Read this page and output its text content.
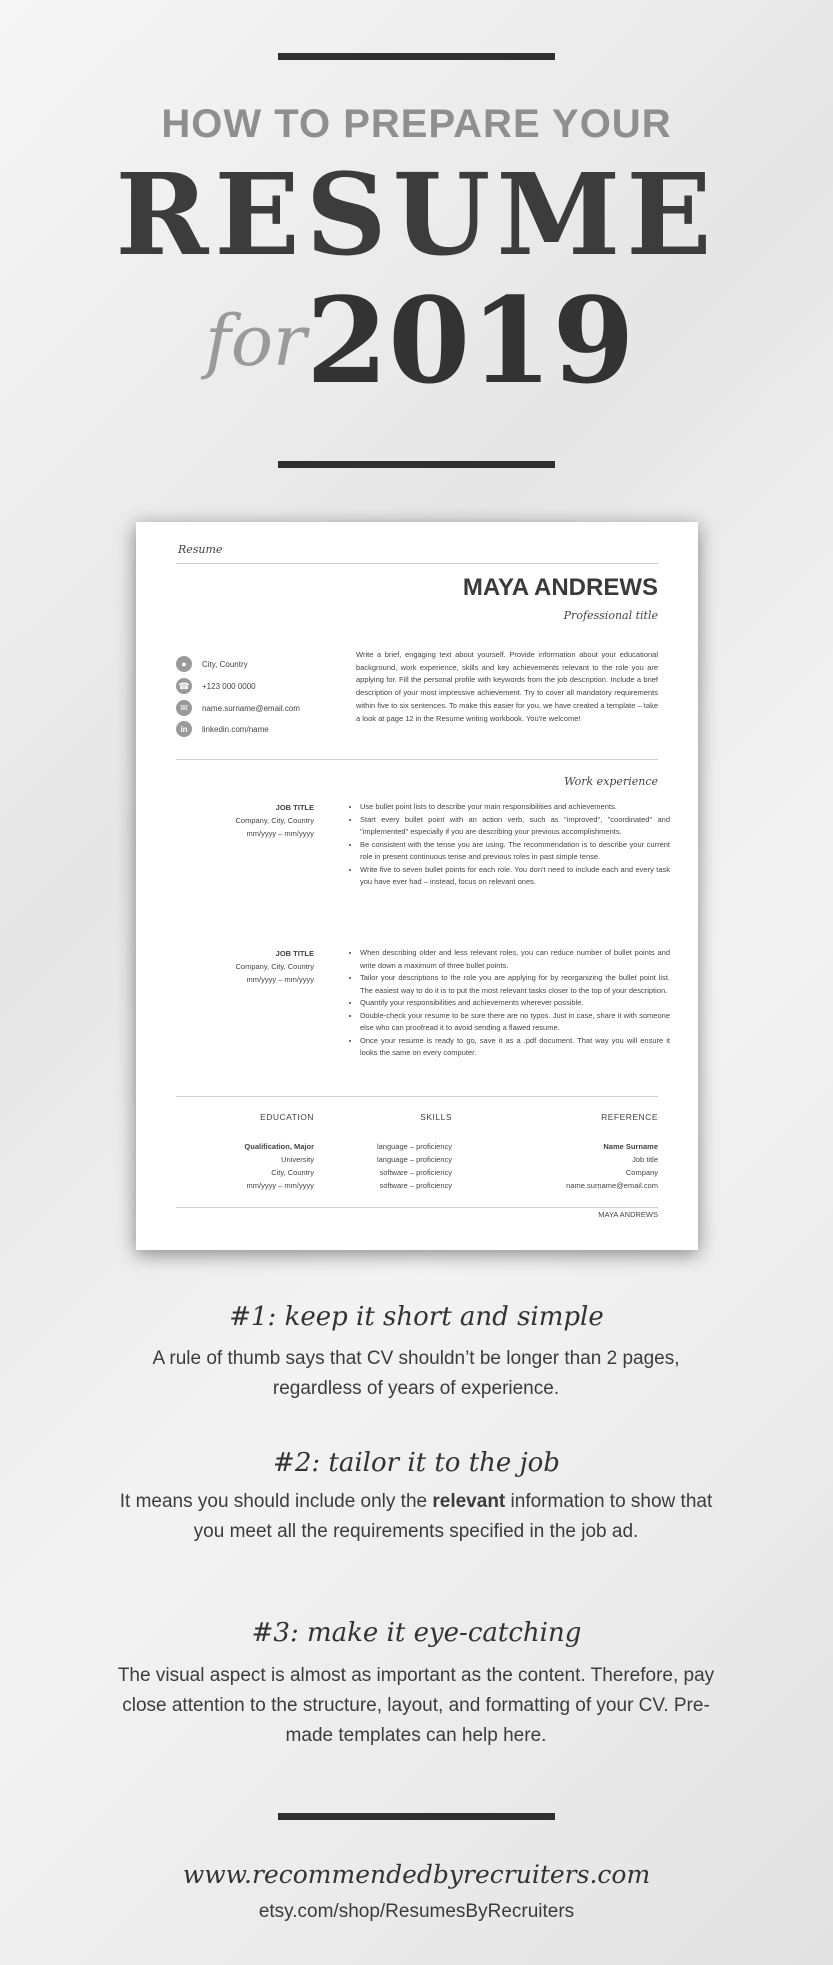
HOW TO PREPARE YOUR
RESUME
for 2019
Resume
MAYA ANDREWS
Professional title
●	City, Country
☎ +123 000 0000
✉	name.surname@email.com
in	linkedin.com/name
Write a brief, engaging text about yourself. Provide information about your educational background, work experience, skills and key achievements relevant to the role you are applying for. Fill the personal profile with keywords from the job description. Include a brief description of your most impressive achievement. Try to cover all mandatory requirements within five to six sentences. To make this easier for you, we have created a template – take a look at page 12 in the Resume writing workbook. You're welcome!
Work experience
JOB TITLE
Company, City, Country
mm/yyyy – mm/yyyy
• Use bullet point lists to describe your main responsibilities and achievements.
• Start every bullet point with an action verb, such as "improved", "coordinated" and "implemented" especially if you are describing your previous accomplishments.
• Be consistent with the tense you are using. The recommendation is to describe your current role in present continuous tense and previous roles in past simple tense.
• Write five to seven bullet points for each role. You don't need to include each and every task you have ever had – instead, focus on relevant ones.
JOB TITLE
Company, City, Country
mm/yyyy – mm/yyyy
• When describing older and less relevant roles, you can reduce number of bullet points and write down a maximum of three bullet points.
• Tailor your descriptions to the role you are applying for by reorganizing the bullet point list. The easiest way to do it is to put the most relevant tasks closer to the top of your description.
• Quantify your responsibilities and achievements wherever possible.
• Double-check your resume to be sure there are no typos. Just in case, share it with someone else who can proofread it to avoid sending a flawed resume.
• Once your resume is ready to go, save it as a .pdf document. That way you will ensure it looks the same on every computer.
EDUCATION
Qualification, Major
University
City, Country
mm/yyyy – mm/yyyy
SKILLS
language – proficiency
language – proficiency
software – proficiency
software – proficiency
REFERENCE
Name Surname
Job title
Company
name.surname@email.com
MAYA ANDREWS
#1: keep it short and simple
A rule of thumb says that CV shouldn’t be longer than 2 pages, regardless of years of experience.
#2: tailor it to the job
It means you should include only the relevant information to show that you meet all the requirements specified in the job ad.
#3: make it eye-catching
The visual aspect is almost as important as the content. Therefore, pay close attention to the structure, layout, and formatting of your CV. Pre-made templates can help here.
www.recommendedbyrecruiters.com
etsy.com/shop/ResumesByRecruiters
